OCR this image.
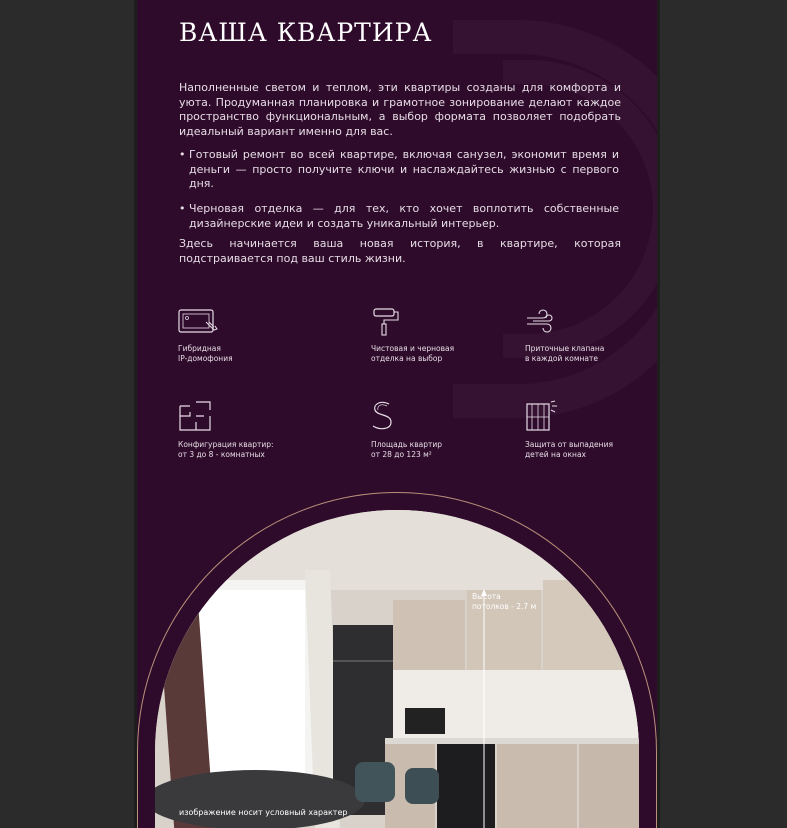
ВАША КВАРТИРА

Наполненные светом и теплом, эти квартиры созданы для комфорта и уюта. Продуманная планировка и грамотное зонирование делают каждое пространство функциональным, а выбор формата позволяет подобрать идеальный вариант именно для вас.

• Готовый ремонт во всей квартире, включая санузел, экономит время и деньги — просто получите ключи и наслаждайтесь жизнью с первого дня.
• Черновая отделка — для тех, кто хочет воплотить собственные дизайнерские идеи и создать уникальный интерьер.

Здесь начинается ваша новая история, в квартире, которая подстраивается под ваш стиль жизни.

Гибридная
IP-домофония
Чистовая и черновая
отделка на выбор
Приточные клапана
в каждой комнате
Конфигурация квартир:
от 3 до 8 - комнатных
Площадь квартир
от 28 до 123 м²
Защита от выпадения
детей на окнах
Высота
потолков - 2.7 м
изображение носит условный характер
